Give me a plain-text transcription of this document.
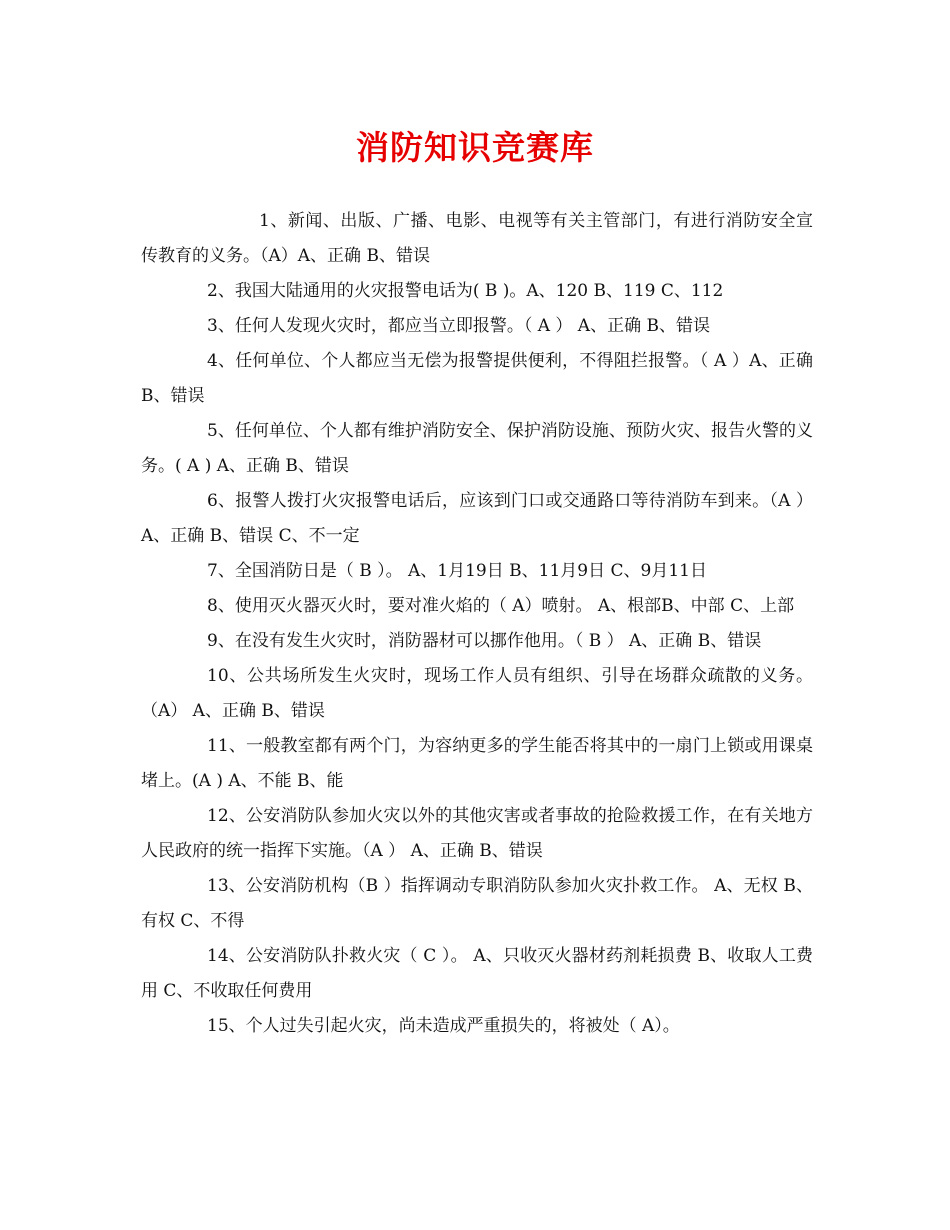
消防知识竞赛库

1、新闻、出版、广播、电影、电视等有关主管部门，有进行消防安全宣传教育的义务。（A）A、正确 B、错误

2、我国大陆通用的火灾报警电话为( B )。A、120 B、119 C、112

3、任何人发现火灾时，都应当立即报警。（ A ） A、正确 B、错误

4、任何单位、个人都应当无偿为报警提供便利，不得阻拦报警。（ A ）A、正确 B、错误

5、任何单位、个人都有维护消防安全、保护消防设施、预防火灾、报告火警的义务。( A ) A、正确 B、错误

6、报警人拨打火灾报警电话后，应该到门口或交通路口等待消防车到来。（A ）A、正确 B、错误 C、不一定

7、全国消防日是（ B ）。 A、1月19日 B、11月9日 C、9月11日

8、使用灭火器灭火时，要对准火焰的（ A）喷射。 A、根部B、中部 C、上部

9、在没有发生火灾时，消防器材可以挪作他用。（ B ） A、正确 B、错误

10、公共场所发生火灾时，现场工作人员有组织、引导在场群众疏散的义务。（A） A、正确 B、错误

11、一般教室都有两个门，为容纳更多的学生能否将其中的一扇门上锁或用课桌堵上。(A ) A、不能 B、能

12、公安消防队参加火灾以外的其他灾害或者事故的抢险救援工作，在有关地方人民政府的统一指挥下实施。（A ） A、正确 B、错误

13、公安消防机构（B ）指挥调动专职消防队参加火灾扑救工作。 A、无权 B、有权 C、不得

14、公安消防队扑救火灾（ C ）。 A、只收灭火器材药剂耗损费 B、收取人工费用 C、不收取任何费用

15、个人过失引起火灾，尚未造成严重损失的，将被处（ A）。
